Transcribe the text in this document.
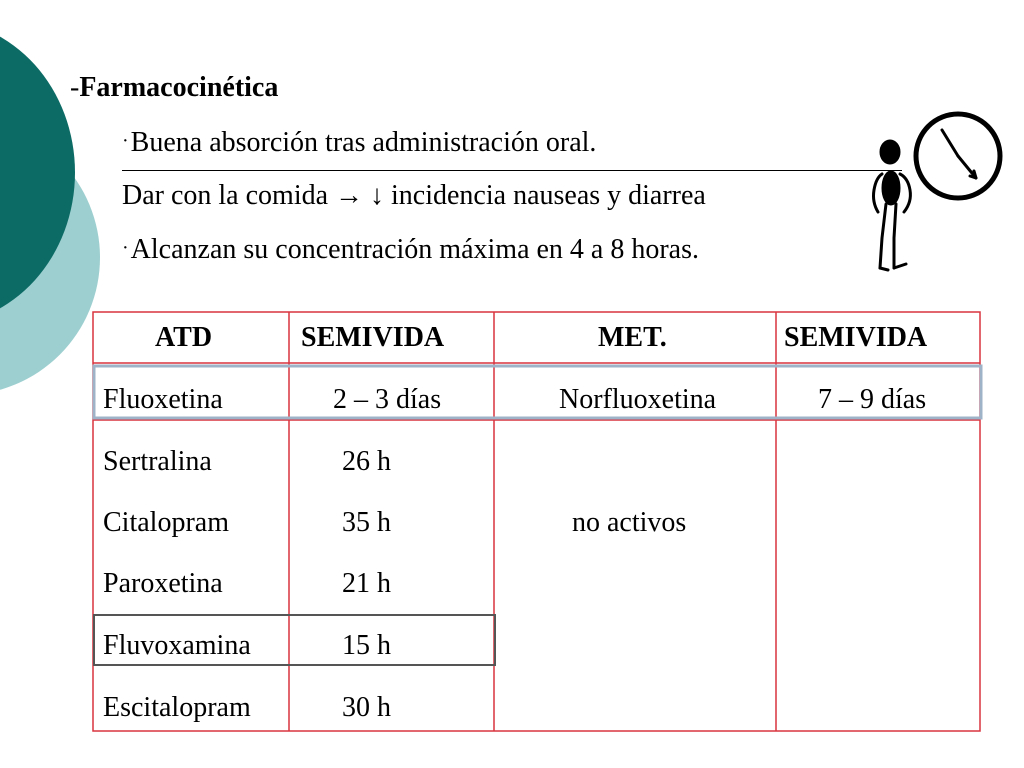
-Farmacocinética
·Buena absorción tras administración oral.
Dar con la comida → ↓ incidencia nauseas y diarrea
·Alcanzan su concentración máxima en 4 a 8 horas.
ATD	SEMIVIDA	MET.	SEMIVIDA
Fluoxetina	2 – 3 días	Norfluoxetina	7 – 9 días
Sertralina	26 h
Citalopram	35 h	no activos
Paroxetina	21 h
Fluvoxamina	15 h
Escitalopram	30 h
